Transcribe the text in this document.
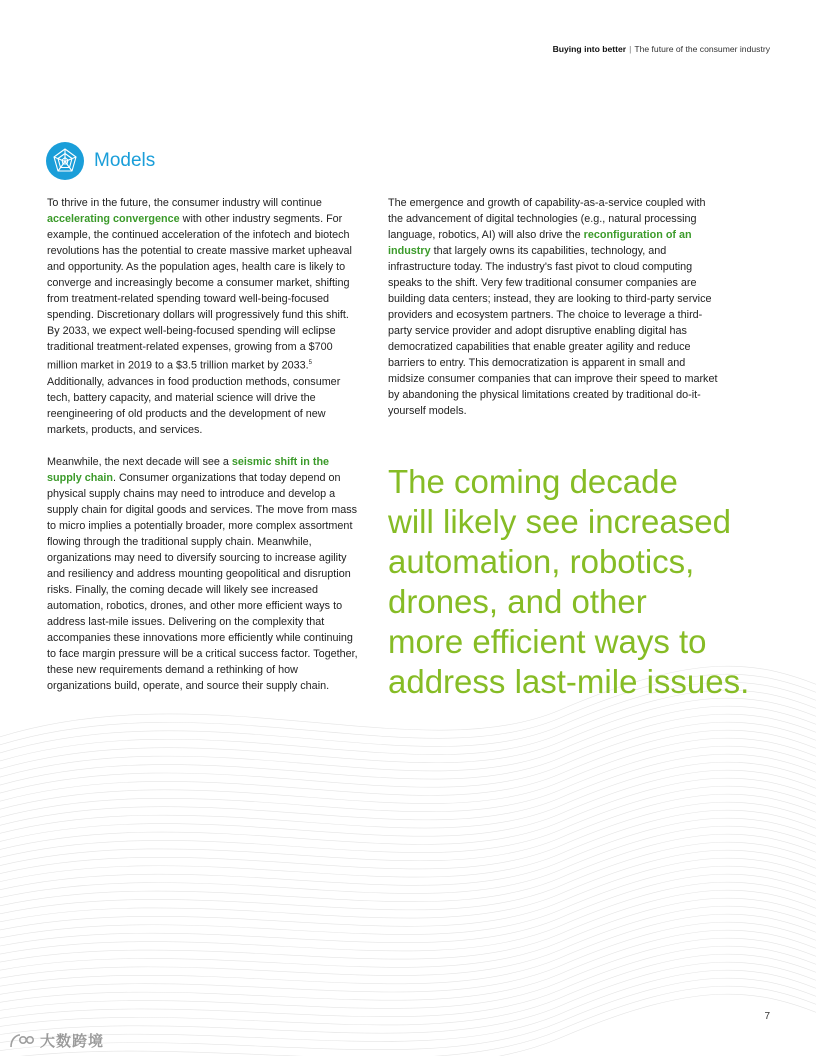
Buying into better | The future of the consumer industry
Models

To thrive in the future, the consumer industry will continue accelerating convergence with other industry segments. For example, the continued acceleration of the infotech and biotech revolutions has the potential to create massive market upheaval and opportunity. As the population ages, health care is likely to converge and increasingly become a consumer market, shifting from treatment-related spending toward well-being-focused spending. Discretionary dollars will progressively fund this shift. By 2033, we expect well-being-focused spending will eclipse traditional treatment-related expenses, growing from a $700 million market in 2019 to a $3.5 trillion market by 2033.$^5$ Additionally, advances in food production methods, consumer tech, battery capacity, and material science will drive the reengineering of old products and the development of new markets, products, and services.

Meanwhile, the next decade will see a seismic shift in the supply chain. Consumer organizations that today depend on physical supply chains may need to introduce and develop a supply chain for digital goods and services. The move from mass to micro implies a potentially broader, more complex assortment flowing through the traditional supply chain. Meanwhile, organizations may need to diversify sourcing to increase agility and resiliency and address mounting geopolitical and disruption risks. Finally, the coming decade will likely see increased automation, robotics, drones, and other more efficient ways to address last-mile issues. Delivering on the complexity that accompanies these innovations more efficiently while continuing to face margin pressure will be a critical success factor. Together, these new requirements demand a rethinking of how organizations build, operate, and source their supply chain.

The emergence and growth of capability-as-a-service coupled with the advancement of digital technologies (e.g., natural processing language, robotics, AI) will also drive the reconfiguration of an industry that largely owns its capabilities, technology, and infrastructure today. The industry's fast pivot to cloud computing speaks to the shift. Very few traditional consumer companies are building data centers; instead, they are looking to third-party service providers and ecosystem partners. The choice to leverage a third-party service provider and adopt disruptive enabling digital has democratized capabilities that enable greater agility and reduce barriers to entry. This democratization is apparent in small and midsize consumer companies that can improve their speed to market by abandoning the physical limitations created by traditional do-it-yourself models.

The coming decade
will likely see increased
automation, robotics,
drones, and other
more efficient ways to
address last-mile issues.
7
大数跨境
